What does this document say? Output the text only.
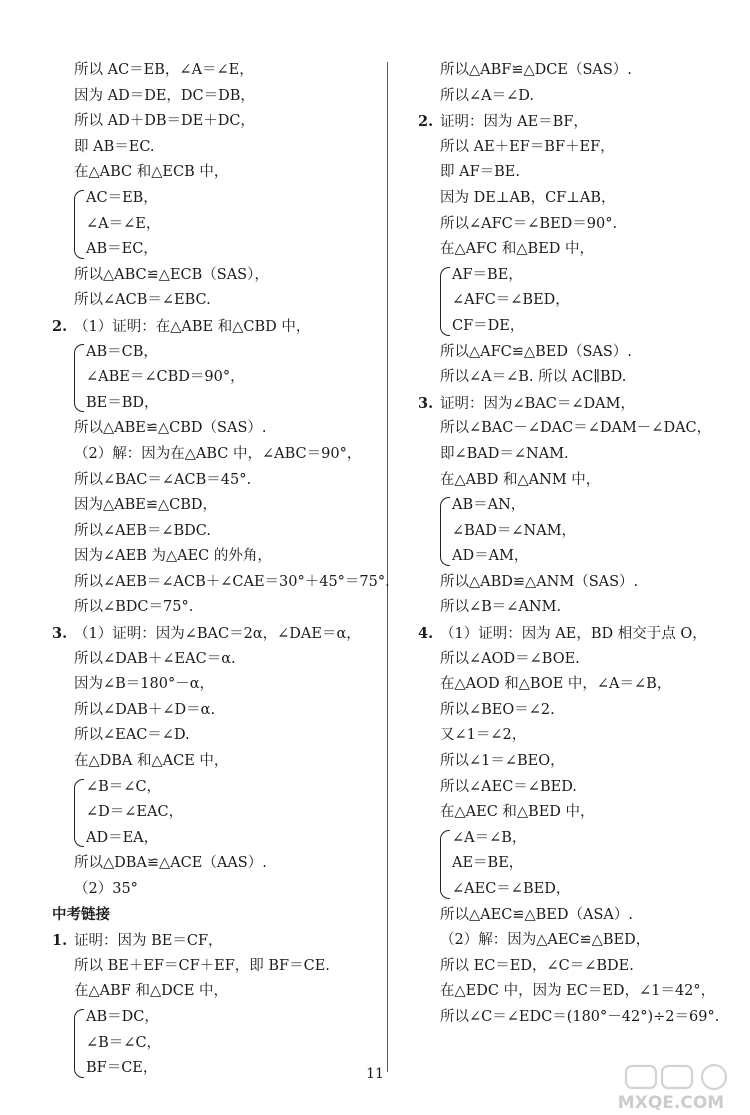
所以 AC＝EB，∠A＝∠E，
因为 AD＝DE，DC＝DB，
所以 AD＋DB＝DE＋DC，
即 AB＝EC.
在△ABC 和△ECB 中，
AC＝EB，
∠A＝∠E，
AB＝EC，
所以△ABC≌△ECB（SAS），
所以∠ACB＝∠EBC.
2. （1）证明：在△ABE 和△CBD 中，
AB＝CB，
∠ABE＝∠CBD＝90°，
BE＝BD，
所以△ABE≌△CBD（SAS）.
（2）解：因为在△ABC 中，∠ABC＝90°，
所以∠BAC＝∠ACB＝45°.
因为△ABE≌△CBD，
所以∠AEB＝∠BDC.
因为∠AEB 为△AEC 的外角，
所以∠AEB＝∠ACB＋∠CAE＝30°＋45°＝75°.
所以∠BDC＝75°.
3. （1）证明：因为∠BAC＝2α，∠DAE＝α，
所以∠DAB＋∠EAC＝α.
因为∠B＝180°－α，
所以∠DAB＋∠D＝α.
所以∠EAC＝∠D.
在△DBA 和△ACE 中，
∠B＝∠C，
∠D＝∠EAC，
AD＝EA，
所以△DBA≌△ACE（AAS）.
（2）35°
中考链接
1. 证明：因为 BE＝CF，
所以 BE＋EF＝CF＋EF，即 BF＝CE.
在△ABF 和△DCE 中，
AB＝DC，
∠B＝∠C，
BF＝CE，
所以△ABF≌△DCE（SAS）.
所以∠A＝∠D.
2. 证明：因为 AE＝BF，
所以 AE＋EF＝BF＋EF，
即 AF＝BE.
因为 DE⊥AB，CF⊥AB，
所以∠AFC＝∠BED＝90°.
在△AFC 和△BED 中，
AF＝BE，
∠AFC＝∠BED，
CF＝DE，
所以△AFC≌△BED（SAS）.
所以∠A＝∠B. 所以 AC∥BD.
3. 证明：因为∠BAC＝∠DAM，
所以∠BAC－∠DAC＝∠DAM－∠DAC，
即∠BAD＝∠NAM.
在△ABD 和△ANM 中，
AB＝AN，
∠BAD＝∠NAM，
AD＝AM，
所以△ABD≌△ANM（SAS）.
所以∠B＝∠ANM.
4. （1）证明：因为 AE，BD 相交于点 O，
所以∠AOD＝∠BOE.
在△AOD 和△BOE 中，∠A＝∠B，
所以∠BEO＝∠2.
又∠1＝∠2，
所以∠1＝∠BEO，
所以∠AEC＝∠BED.
在△AEC 和△BED 中，
∠A＝∠B，
AE＝BE，
∠AEC＝∠BED，
所以△AEC≌△BED（ASA）.
（2）解：因为△AEC≌△BED，
所以 EC＝ED，∠C＝∠BDE.
在△EDC 中，因为 EC＝ED，∠1＝42°，
所以∠C＝∠EDC＝(180°－42°)÷2＝69°.
11
MXQE.COM
